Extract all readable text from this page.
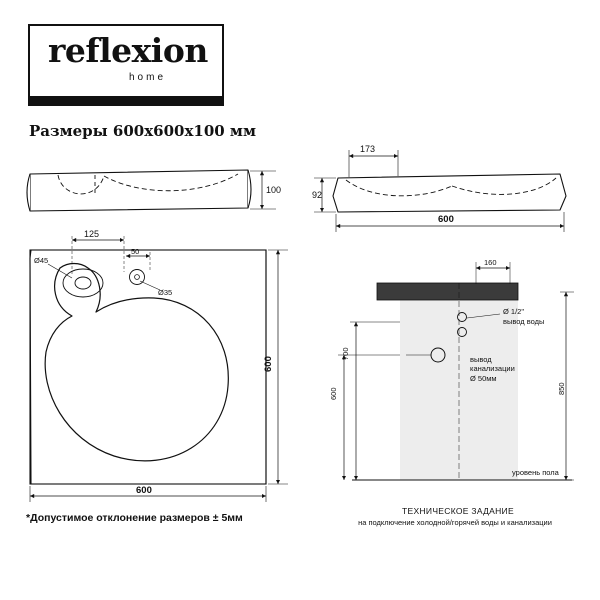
reflexion
home
Размеры 600x600x100 мм
*Допустимое отклонение размеров ± 5мм
ТЕХНИЧЕСКОЕ ЗАДАНИЕ
на подключение холодной/горячей воды и канализации
100
173
92
600
Ø45
Ø35
125
50
600
600
уровень пола
160
Ø 1/2"
вывод воды
вывод
канализации
Ø 50мм
700
600	850
